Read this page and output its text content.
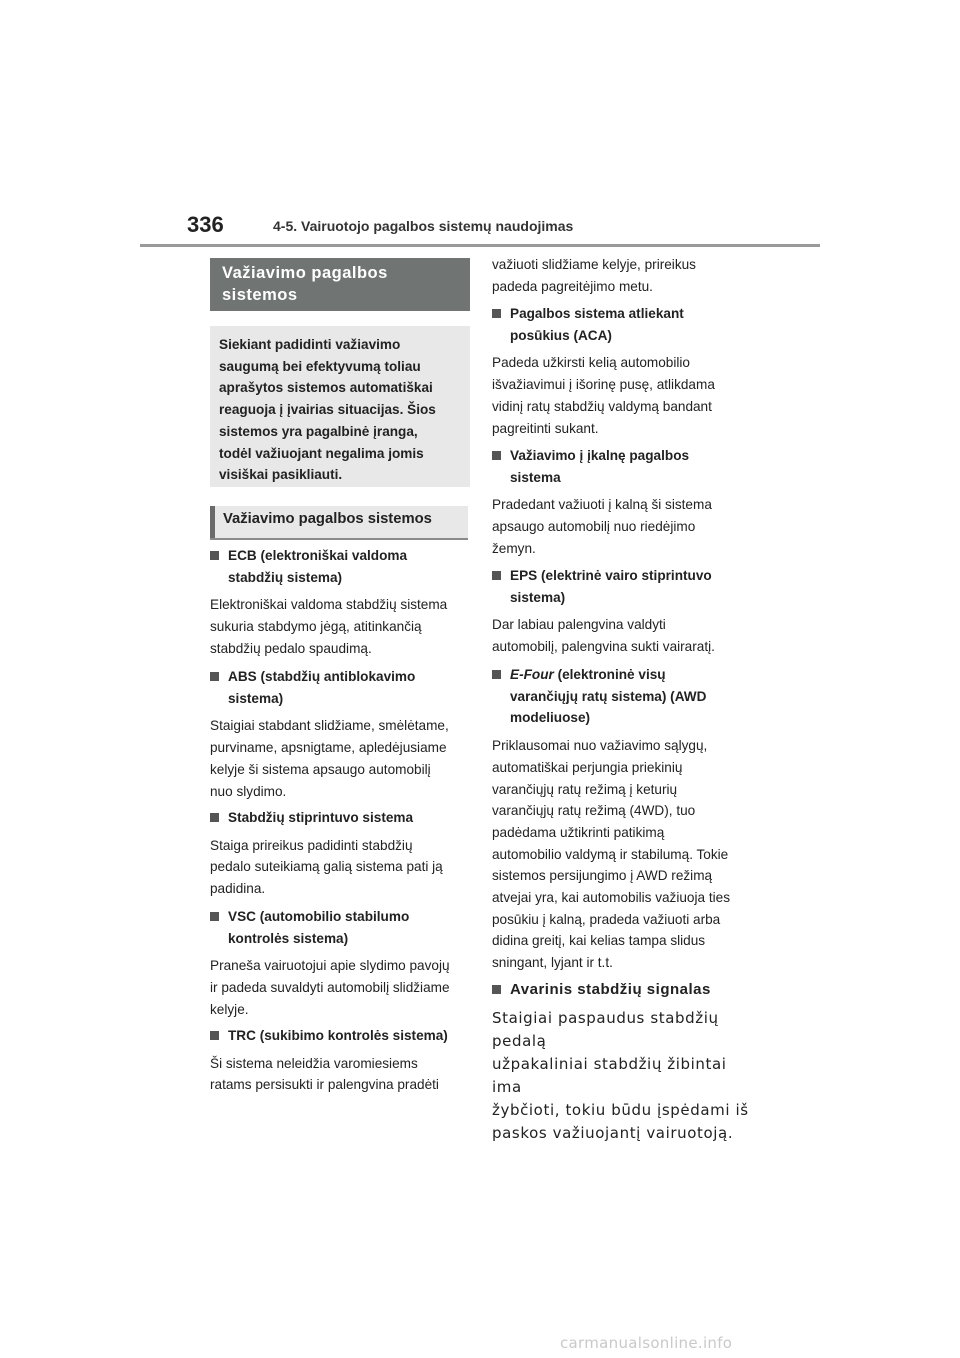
336	4-5. Vairuotojo pagalbos sistemų naudojimas
Važiavimo pagalbos
sistemos
Siekiant padidinti važiavimo
saugumą bei efektyvumą toliau
aprašytos sistemos automatiškai
reaguoja į įvairias situacijas. Šios
sistemos yra pagalbinė įranga,
todėl važiuojant negalima jomis
visiškai pasikliauti.
Važiavimo pagalbos sistemos
ECB (elektroniškai valdoma
stabdžių sistema)
Elektroniškai valdoma stabdžių sistema
sukuria stabdymo jėgą, atitinkančią
stabdžių pedalo spaudimą.
ABS (stabdžių antiblokavimo
sistema)
Staigiai stabdant slidžiame, smėlėtame,
purviname, apsnigtame, apledėjusiame
kelyje ši sistema apsaugo automobilį
nuo slydimo.
Stabdžių stiprintuvo sistema
Staiga prireikus padidinti stabdžių
pedalo suteikiamą galią sistema pati ją
padidina.
VSC (automobilio stabilumo
kontrolės sistema)
Praneša vairuotojui apie slydimo pavojų
ir padeda suvaldyti automobilį slidžiame
kelyje.
TRC (sukibimo kontrolės sistema)
Ši sistema neleidžia varomiesiems
ratams persisukti ir palengvina pradėti
važiuoti slidžiame kelyje, prireikus
padeda pagreitėjimo metu.
Pagalbos sistema atliekant
posūkius (ACA)
Padeda užkirsti kelią automobilio
išvažiavimui į išorinę pusę, atlikdama
vidinį ratų stabdžių valdymą bandant
pagreitinti sukant.
Važiavimo į įkalnę pagalbos
sistema
Pradedant važiuoti į kalną ši sistema
apsaugo automobilį nuo riedėjimo
žemyn.
EPS (elektrinė vairo stiprintuvo
sistema)
Dar labiau palengvina valdyti
automobilį, palengvina sukti vairaratį.
E-Four (elektroninė visų
varančiųjų ratų sistema) (AWD
modeliuose)
Priklausomai nuo važiavimo sąlygų,
automatiškai perjungia priekinių
varančiųjų ratų režimą į keturių
varančiųjų ratų režimą (4WD), tuo
padėdama užtikrinti patikimą
automobilio valdymą ir stabilumą. Tokie
sistemos persijungimo į AWD režimą
atvejai yra, kai automobilis važiuoja ties
posūkiu į kalną, pradeda važiuoti arba
didina greitį, kai kelias tampa slidus
sningant, lyjant ir t.t.
Avarinis stabdžių signalas
Staigiai paspaudus stabdžių pedalą
užpakaliniai stabdžių žibintai ima
žybčioti, tokiu būdu įspėdami iš
paskos važiuojantį vairuotoją.
carmanualsonline.info
